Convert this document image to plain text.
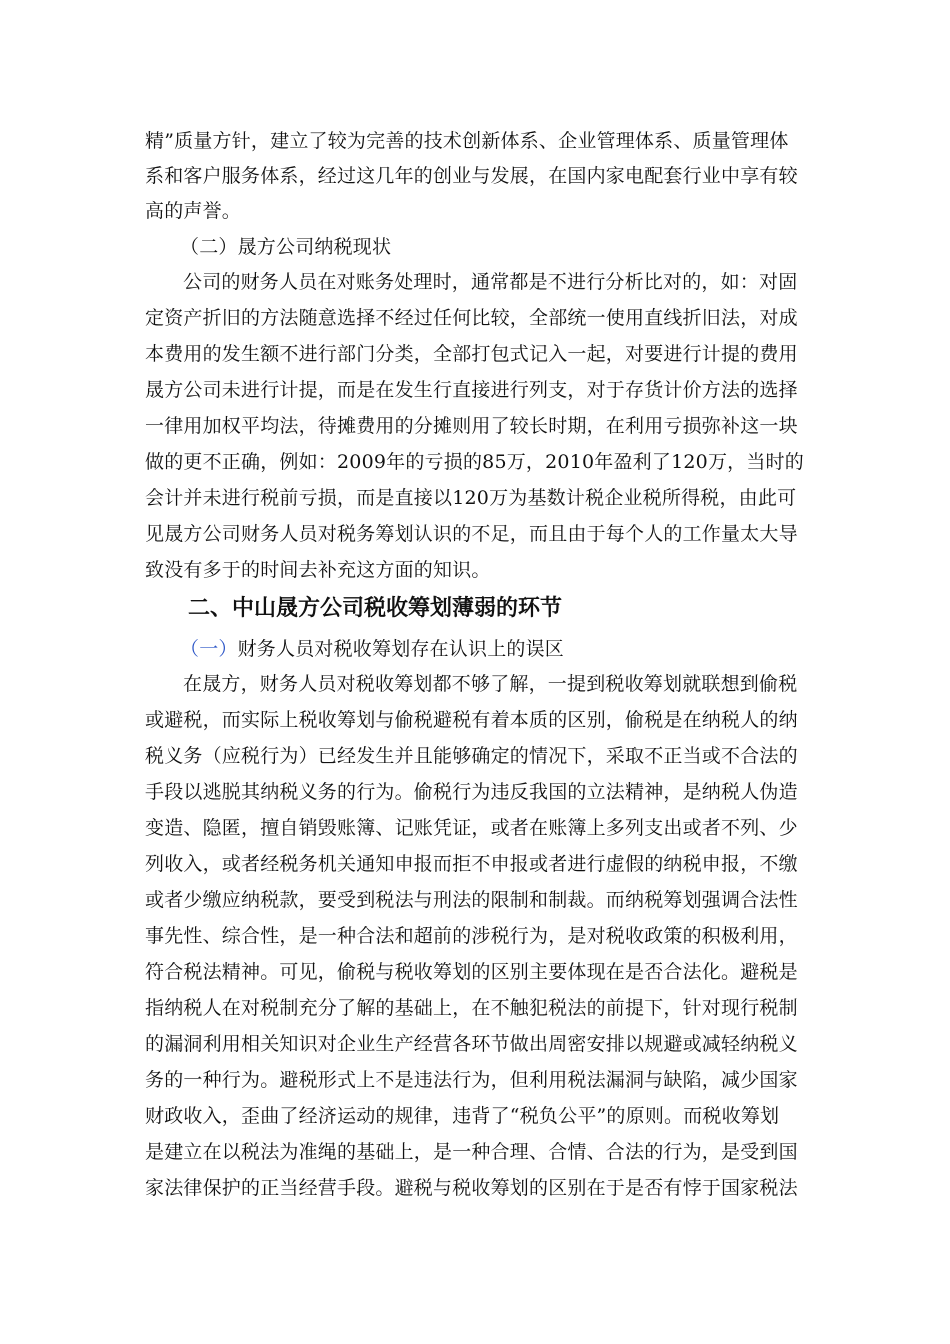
精”质量方针，建立了较为完善的技术创新体系、企业管理体系、质量管理体
系和客户服务体系，经过这几年的创业与发展，在国内家电配套行业中享有较
高的声誉。
（二）晟方公司纳税现状
公司的财务人员在对账务处理时，通常都是不进行分析比对的，如：对固
定资产折旧的方法随意选择不经过任何比较，全部统一使用直线折旧法，对成
本费用的发生额不进行部门分类，全部打包式记入一起，对要进行计提的费用
晟方公司未进行计提，而是在发生行直接进行列支，对于存货计价方法的选择
一律用加权平均法，待摊费用的分摊则用了较长时期，在利用亏损弥补这一块
做的更不正确，例如：2009年的亏损的85万，2010年盈利了120万，当时的
会计并未进行税前亏损，而是直接以120万为基数计税企业税所得税，由此可
见晟方公司财务人员对税务筹划认识的不足，而且由于每个人的工作量太大导
致没有多于的时间去补充这方面的知识。
二、中山晟方公司税收筹划薄弱的环节
（一）财务人员对税收筹划存在认识上的误区
在晟方，财务人员对税收筹划都不够了解，一提到税收筹划就联想到偷税
或避税，而实际上税收筹划与偷税避税有着本质的区别，偷税是在纳税人的纳
税义务（应税行为）已经发生并且能够确定的情况下，采取不正当或不合法的
手段以逃脱其纳税义务的行为。偷税行为违反我国的立法精神，是纳税人伪造
变造、隐匿，擅自销毁账簿、记账凭证，或者在账簿上多列支出或者不列、少
列收入，或者经税务机关通知申报而拒不申报或者进行虚假的纳税申报，不缴
或者少缴应纳税款，要受到税法与刑法的限制和制裁。而纳税筹划强调合法性
事先性、综合性，是一种合法和超前的涉税行为，是对税收政策的积极利用，
符合税法精神。可见，偷税与税收筹划的区别主要体现在是否合法化。避税是
指纳税人在对税制充分了解的基础上，在不触犯税法的前提下，针对现行税制
的漏洞利用相关知识对企业生产经营各环节做出周密安排以规避或减轻纳税义
务的一种行为。避税形式上不是违法行为，但利用税法漏洞与缺陷，减少国家
财政收入，歪曲了经济运动的规律，违背了“税负公平”的原则。而税收筹划
是建立在以税法为准绳的基础上，是一种合理、合情、合法的行为，是受到国
家法律保护的正当经营手段。避税与税收筹划的区别在于是否有悖于国家税法
